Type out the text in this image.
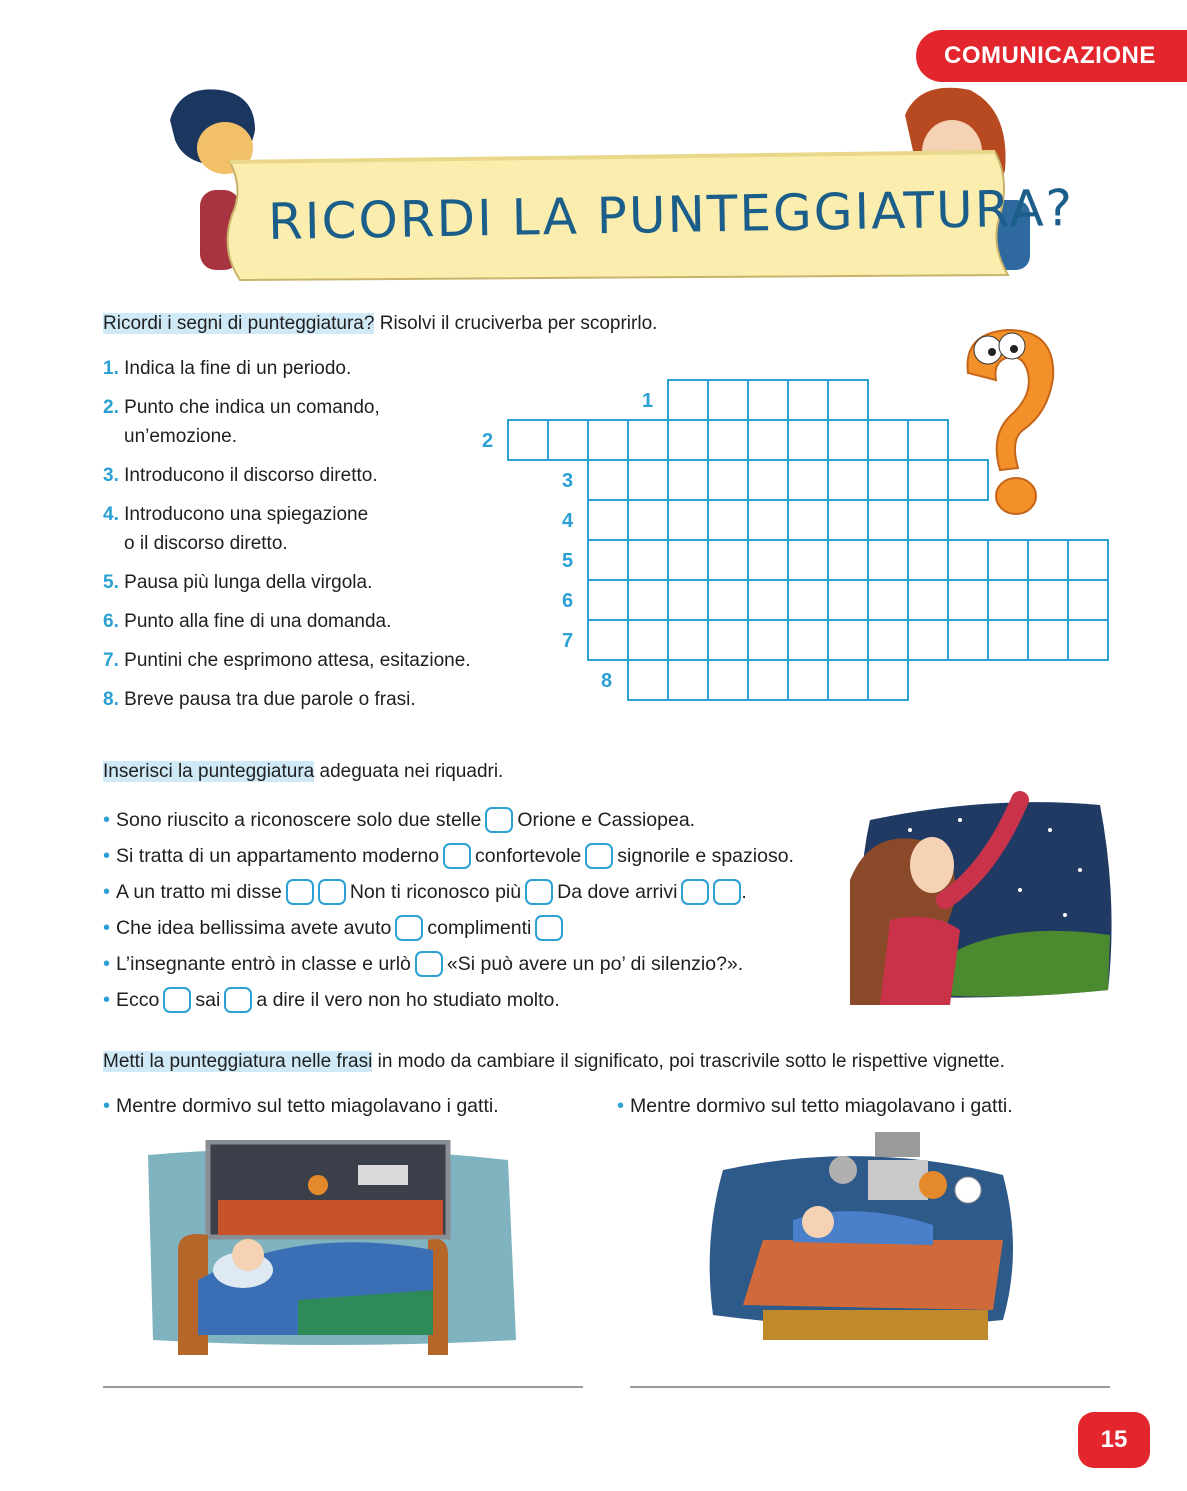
COMUNICAZIONE
RICORDI LA PUNTEGGIATURA?
Ricordi i segni di punteggiatura? Risolvi il cruciverba per scoprirlo.
1. Indica la fine di un periodo.
2. Punto che indica un comando,
un’emozione.
3. Introducono il discorso diretto.
4. Introducono una spiegazione
o il discorso diretto.
5. Pausa più lunga della virgola.
6. Punto alla fine di una domanda.
7. Puntini che esprimono attesa, esitazione.
8. Breve pausa tra due parole o frasi.
1
2
3
4
5
6
7
8
Inserisci la punteggiatura adeguata nei riquadri.
• Sono riuscito a riconoscere solo due stelle Orione e Cassiopea.
• Si tratta di un appartamento moderno confortevole signorile e spazioso.
• A un tratto mi disse	Non ti riconosco più Da dove arrivi	.
• Che idea bellissima avete avuto complimenti
• L’insegnante entrò in classe e urlò «Si può avere un po’ di silenzio?».
• Ecco sai a dire il vero non ho studiato molto.
Metti la punteggiatura nelle frasi in modo da cambiare il significato, poi trascrivile sotto le rispettive vignette.
• Mentre dormivo sul tetto miagolavano i gatti.	• Mentre dormivo sul tetto miagolavano i gatti.
15
